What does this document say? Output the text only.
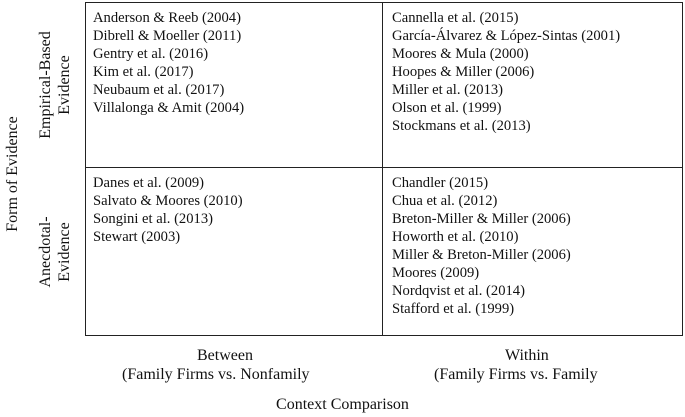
Form of Evidence
Empirical-Based Evidence
Anecdotal- Evidence
Anderson & Reeb (2004)
Dibrell & Moeller (2011)
Gentry et al. (2016)
Kim et al. (2017)
Neubaum et al. (2017)
Villalonga & Amit (2004)
Cannella et al. (2015)
García-Álvarez & López-Sintas (2001)
Moores & Mula (2000)
Hoopes & Miller (2006)
Miller et al. (2013)
Olson et al. (1999)
Stockmans et al. (2013)
Danes et al. (2009)
Salvato & Moores (2010)
Songini et al. (2013)
Stewart (2003)
Chandler (2015)
Chua et al. (2012)
Breton-Miller & Miller (2006)
Howorth et al. (2010)
Miller & Breton-Miller (2006)
Moores (2009)
Nordqvist et al. (2014)
Stafford et al. (1999)
Between
(Family Firms vs. Nonfamily
Within
(Family Firms vs. Family
Context Comparison
